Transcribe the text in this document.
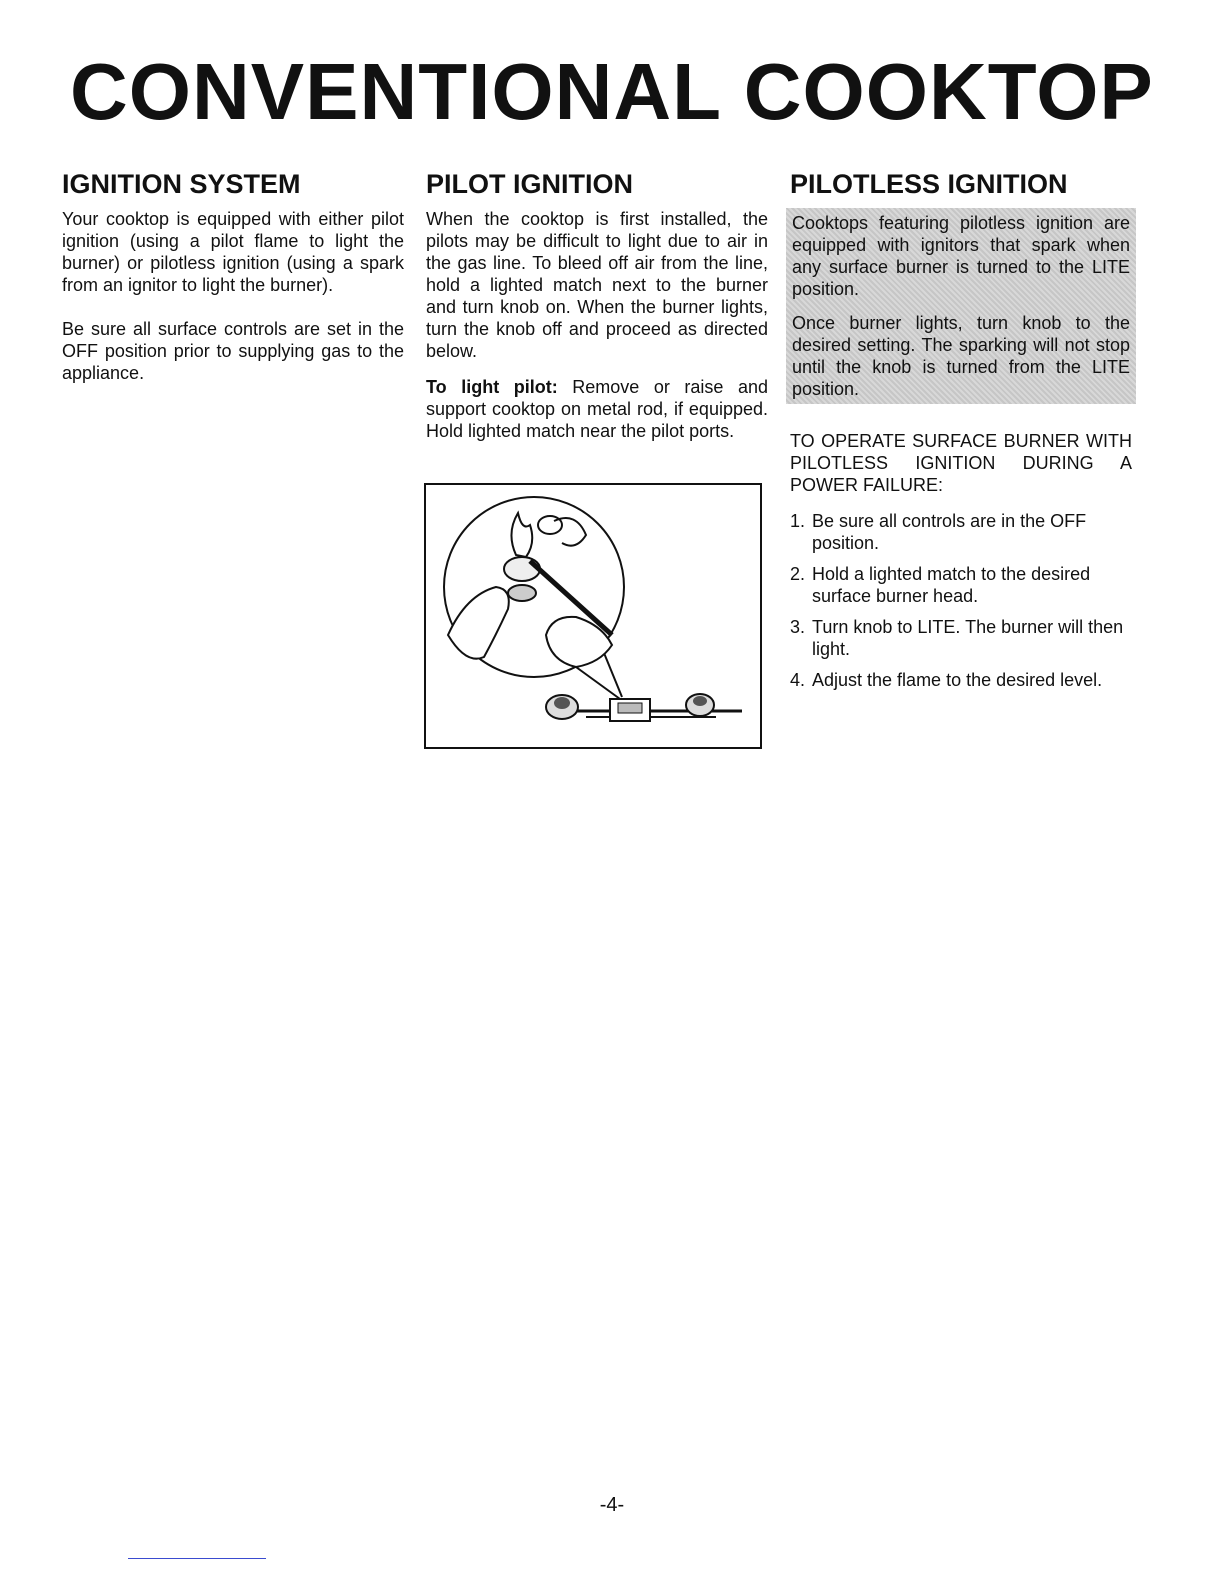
CONVENTIONAL COOKTOP
IGNITION SYSTEM

Your cooktop is equipped with either pilot ignition (using a pilot flame to light the burner) or pilotless ignition (using a spark from an ignitor to light the burner).

Be sure all surface controls are set in the OFF position prior to supplying gas to the appliance.

PILOT IGNITION

When the cooktop is first installed, the pilots may be difficult to light due to air in the gas line. To bleed off air from the line, hold a lighted match next to the burner and turn knob on. When the burner lights, turn the knob off and proceed as directed below.

To light pilot: Remove or raise and support cooktop on metal rod, if equipped. Hold lighted match near the pilot ports.

PILOTLESS IGNITION

Cooktops featuring pilotless ignition are equipped with ignitors that spark when any surface burner is turned to the LITE position.

Once burner lights, turn knob to the desired setting. The sparking will not stop until the knob is turned from the LITE position.

TO OPERATE SURFACE BURNER WITH PILOTLESS IGNITION DURING A POWER FAILURE:

1. Be sure all controls are in the OFF position.
2. Hold a lighted match to the desired surface burner head.
3. Turn knob to LITE. The burner will then light.
4. Adjust the flame to the desired level.
-4-
